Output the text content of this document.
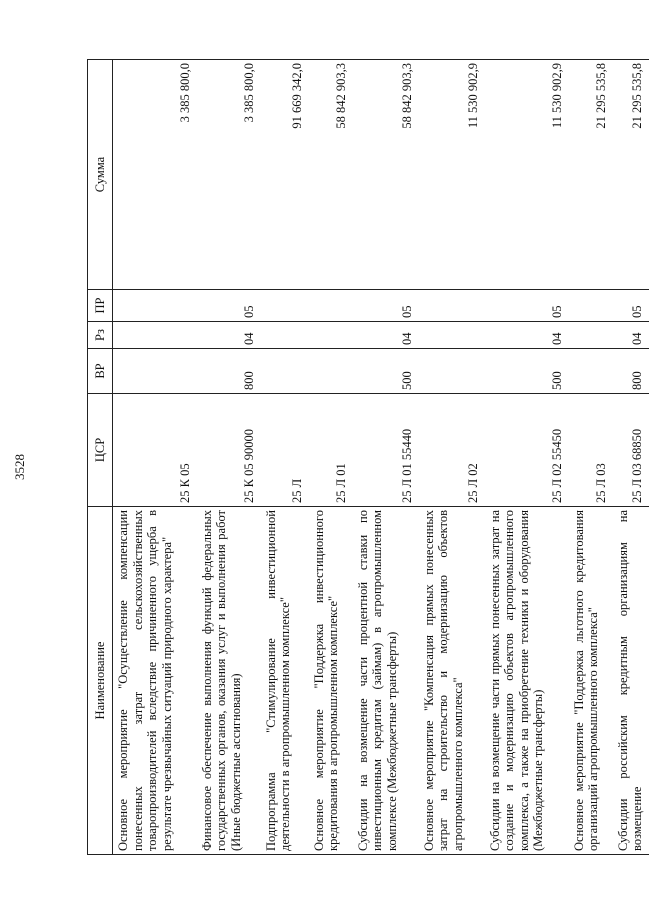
3528
Наименование	ЦСР	ВР	Рз	ПР	Сумма
Основное мероприятие "Осуществление компенсации понесенных затрат сельскохозяйственных товаропроизводителей вследствие причиненного ущерба в результате чрезвычайных ситуаций природного характера"	25 К 05				3 385 800,0
Финансовое обеспечение выполнения функций федеральных государственных органов, оказания услуг и выполнения работ (Иные бюджетные ассигнования)	25 К 05 90000	800	04	05	3 385 800,0
Подпрограмма "Стимулирование инвестиционной деятельности в агропромышленном комплексе"	25 Л				91 669 342,0
Основное мероприятие "Поддержка инвестиционного кредитования в агропромышленном комплексе"	25 Л 01				58 842 903,3
Субсидии на возмещение части процентной ставки по инвестиционным кредитам (займам) в агропромышленном комплексе (Межбюджетные трансферты)	25 Л 01 55440	500	04	05	58 842 903,3
Основное мероприятие "Компенсация прямых понесенных затрат на строительство и модернизацию объектов агропромышленного комплекса"	25 Л 02				11 530 902,9
Субсидии на возмещение части прямых понесенных затрат на создание и модернизацию объектов агропромышленного комплекса, а также на приобретение техники и оборудования (Межбюджетные трансферты)	25 Л 02 55450	500	04	05	11 530 902,9
Основное мероприятие "Поддержка льготного кредитования организаций агропромышленного комплекса"	25 Л 03				21 295 535,8
Субсидии российским кредитным организациям на возмещение	25 Л 03 68850	800	04	05	21 295 535,8
